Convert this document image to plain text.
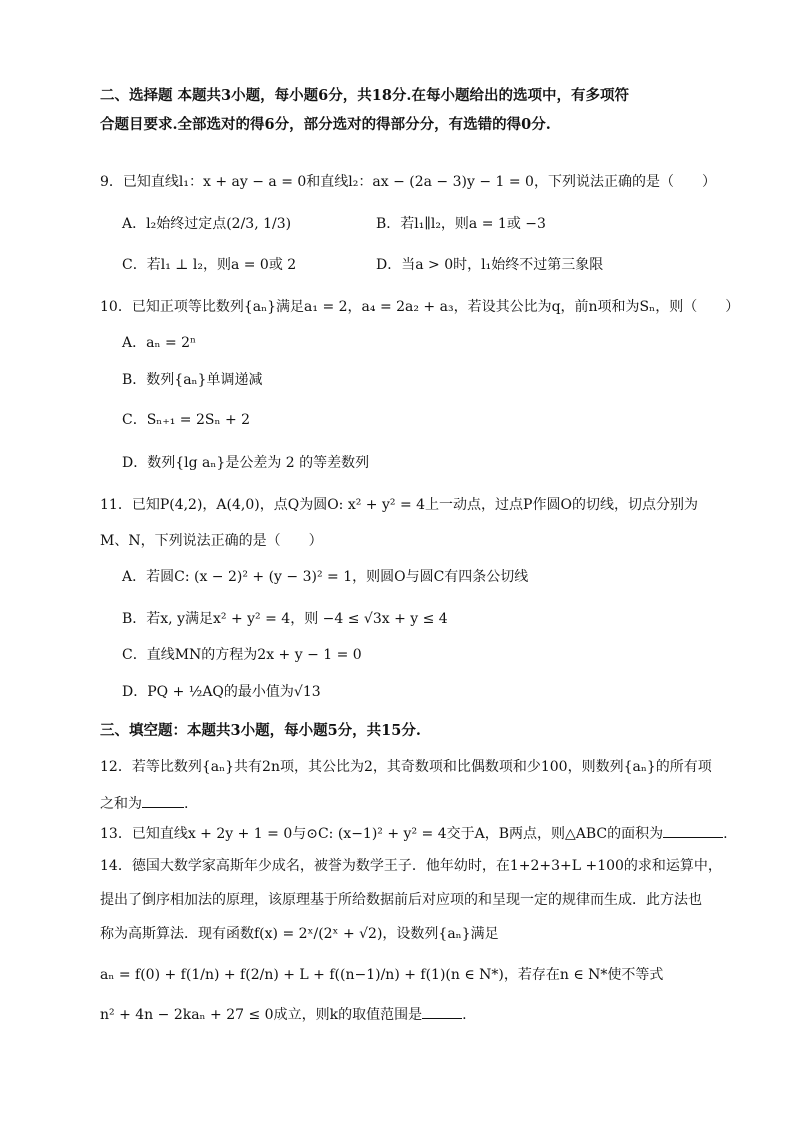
二、选择题 本题共3小题，每小题6分，共18分.在每小题给出的选项中，有多项符
合题目要求.全部选对的得6分，部分选对的得部分分，有选错的得0分.
9．已知直线l₁：x + ay − a = 0和直线l₂：ax − (2a − 3)y − 1 = 0，下列说法正确的是（　　）
A．l₂始终过定点(2/3, 1/3)	B．若l₁∥l₂，则a = 1或 −3
C．若l₁ ⊥ l₂，则a = 0或 2	D．当a > 0时，l₁始终不过第三象限
10．已知正项等比数列{aₙ}满足a₁ = 2，a₄ = 2a₂ + a₃，若设其公比为q，前n项和为Sₙ，则（　　）
A．aₙ = 2ⁿ
B．数列{aₙ}单调递减
C．Sₙ₊₁ = 2Sₙ + 2
D．数列{lg aₙ}是公差为 2 的等差数列
11．已知P(4,2)，A(4,0)，点Q为圆O: x² + y² = 4上一动点，过点P作圆O的切线，切点分别为
M、N，下列说法正确的是（　　）
A．若圆C: (x − 2)² + (y − 3)² = 1，则圆O与圆C有四条公切线
B．若x, y满足x² + y² = 4，则 −4 ≤ √3x + y ≤ 4
C．直线MN的方程为2x + y − 1 = 0
D．PQ + ½AQ的最小值为√13
三、填空题：本题共3小题，每小题5分，共15分.
12．若等比数列{aₙ}共有2n项，其公比为2，其奇数项和比偶数项和少100，则数列{aₙ}的所有项
之和为	.
13．已知直线x + 2y + 1 = 0与⊙C: (x−1)² + y² = 4交于A，B两点，则△ABC的面积为	.
14．德国大数学家高斯年少成名，被誉为数学王子．他年幼时，在1+2+3+L +100的求和运算中，
提出了倒序相加法的原理，该原理基于所给数据前后对应项的和呈现一定的规律而生成．此方法也
称为高斯算法．现有函数f(x) = 2ˣ/(2ˣ + √2)，设数列{aₙ}满足
aₙ = f(0) + f(1/n) + f(2/n) + L + f((n−1)/n) + f(1)(n ∈ N*)，若存在n ∈ N*使不等式
n² + 4n − 2kaₙ + 27 ≤ 0成立，则k的取值范围是	.
